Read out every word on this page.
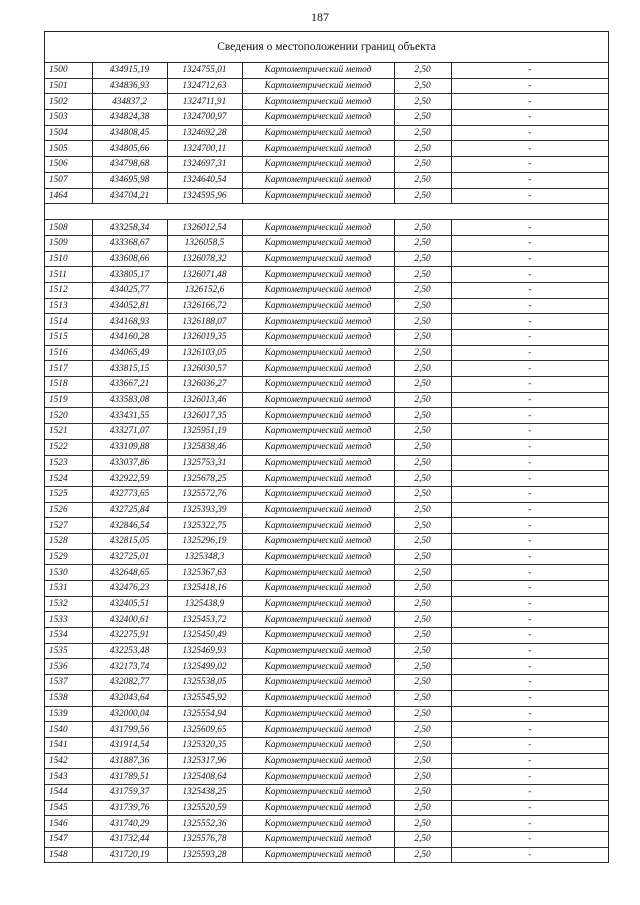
187
Сведения о местоположении границ объекта
1500	434915,19	1324755,01	Картометрический метод	2,50	-
1501	434836,93	1324712,63	Картометрический метод	2,50	-
1502	434837,2	1324711,91	Картометрический метод	2,50	-
1503	434824,38	1324700,97	Картометрический метод	2,50	-
1504	434808,45	1324692,28	Картометрический метод	2,50	-
1505	434805,66	1324700,11	Картометрический метод	2,50	-
1506	434798,68	1324697,31	Картометрический метод	2,50	-
1507	434695,98	1324640,54	Картометрический метод	2,50	-
1464	434704,21	1324595,96	Картометрический метод	2,50	-

1508	433258,34	1326012,54	Картометрический метод	2,50	-
1509	433368,67	1326058,5	Картометрический метод	2,50	-
1510	433608,66	1326078,32	Картометрический метод	2,50	-
1511	433805,17	1326071,48	Картометрический метод	2,50	-
1512	434025,77	1326152,6	Картометрический метод	2,50	-
1513	434052,81	1326166,72	Картометрический метод	2,50	-
1514	434168,93	1326188,07	Картометрический метод	2,50	-
1515	434160,28	1326019,35	Картометрический метод	2,50	-
1516	434065,49	1326103,05	Картометрический метод	2,50	-
1517	433815,15	1326030,57	Картометрический метод	2,50	-
1518	433667,21	1326036,27	Картометрический метод	2,50	-
1519	433583,08	1326013,46	Картометрический метод	2,50	-
1520	433431,55	1326017,35	Картометрический метод	2,50	-
1521	433271,07	1325951,19	Картометрический метод	2,50	-
1522	433109,88	1325838,46	Картометрический метод	2,50	-
1523	433037,86	1325753,31	Картометрический метод	2,50	-
1524	432922,59	1325678,25	Картометрический метод	2,50	-
1525	432773,65	1325572,76	Картометрический метод	2,50	-
1526	432725,84	1325393,39	Картометрический метод	2,50	-
1527	432846,54	1325322,75	Картометрический метод	2,50	-
1528	432815,05	1325296,19	Картометрический метод	2,50	-
1529	432725,01	1325348,3	Картометрический метод	2,50	-
1530	432648,65	1325367,63	Картометрический метод	2,50	-
1531	432476,23	1325418,16	Картометрический метод	2,50	-
1532	432405,51	1325438,9	Картометрический метод	2,50	-
1533	432400,61	1325453,72	Картометрический метод	2,50	-
1534	432275,91	1325450,49	Картометрический метод	2,50	-
1535	432253,48	1325469,93	Картометрический метод	2,50	-
1536	432173,74	1325499,02	Картометрический метод	2,50	-
1537	432082,77	1325538,05	Картометрический метод	2,50	-
1538	432043,64	1325545,92	Картометрический метод	2,50	-
1539	432000,04	1325554,94	Картометрический метод	2,50	-
1540	431799,56	1325609,65	Картометрический метод	2,50	-
1541	431914,54	1325320,35	Картометрический метод	2,50	-
1542	431887,36	1325317,96	Картометрический метод	2,50	-
1543	431789,51	1325408,64	Картометрический метод	2,50	-
1544	431759,37	1325438,25	Картометрический метод	2,50	-
1545	431739,76	1325520,59	Картометрический метод	2,50	-
1546	431740,29	1325552,36	Картометрический метод	2,50	-
1547	431732,44	1325576,78	Картометрический метод	2,50	-
1548	431720,19	1325593,28	Картометрический метод	2,50	-
